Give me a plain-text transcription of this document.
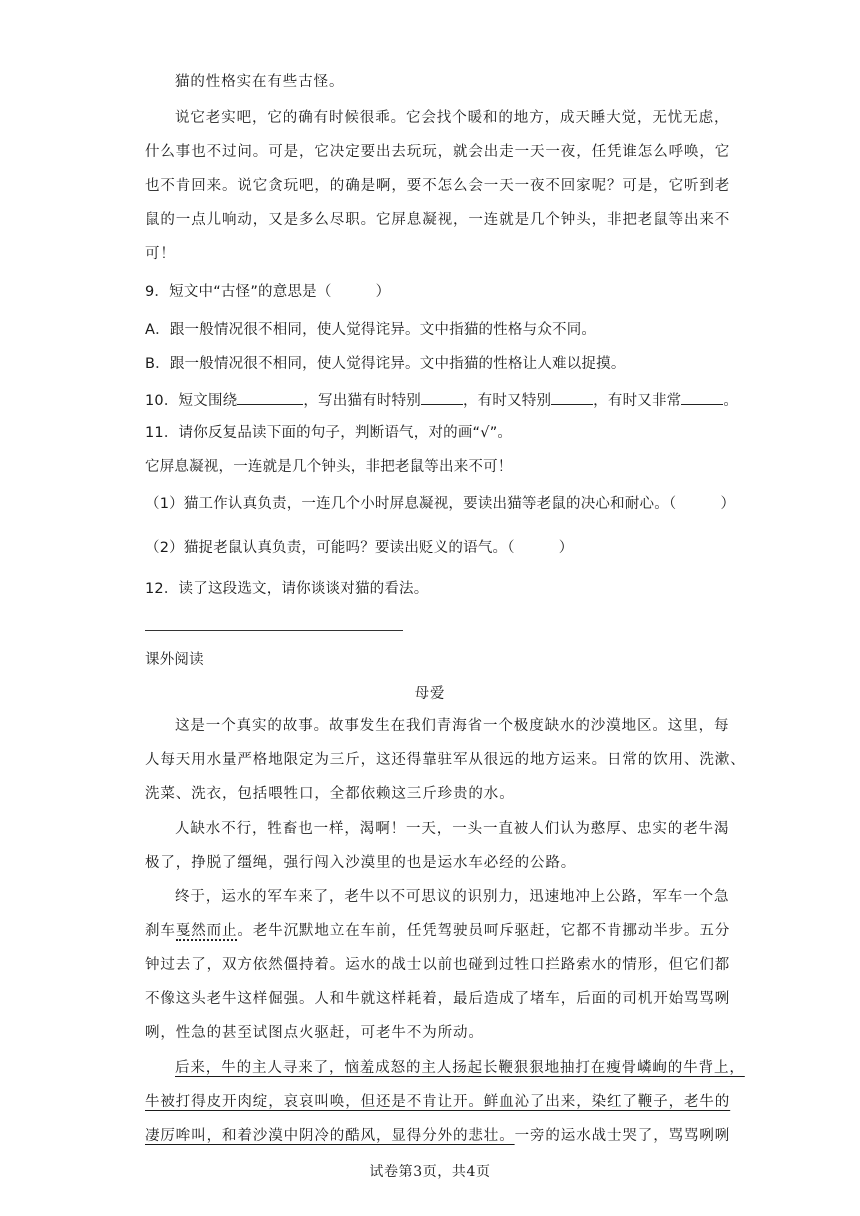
猫的性格实在有些古怪。
说它老实吧，它的确有时候很乖。它会找个暖和的地方，成天睡大觉，无忧无虑，
什么事也不过问。可是，它决定要出去玩玩，就会出走一天一夜，任凭谁怎么呼唤，它
也不肯回来。说它贪玩吧，的确是啊，要不怎么会一天一夜不回家呢？可是，它听到老
鼠的一点儿响动，又是多么尽职。它屏息凝视，一连就是几个钟头，非把老鼠等出来不
可！
9．短文中“古怪”的意思是（　　　）
A．跟一般情况很不相同，使人觉得诧异。文中指猫的性格与众不同。
B．跟一般情况很不相同，使人觉得诧异。文中指猫的性格让人难以捉摸。
10．短文围绕	，写出猫有时特别	，有时又特别	，有时又非常	。
11．请你反复品读下面的句子，判断语气，对的画“√”。
它屏息凝视，一连就是几个钟头，非把老鼠等出来不可！
（1）猫工作认真负责，一连几个小时屏息凝视，要读出猫等老鼠的决心和耐心。（　　　）
（2）猫捉老鼠认真负责，可能吗？要读出贬义的语气。（　　　）
12．读了这段选文，请你谈谈对猫的看法。
课外阅读
母爱
这是一个真实的故事。故事发生在我们青海省一个极度缺水的沙漠地区。这里，每
人每天用水量严格地限定为三斤，这还得靠驻军从很远的地方运来。日常的饮用、洗漱、
洗菜、洗衣，包括喂牲口，全都依赖这三斤珍贵的水。
人缺水不行，牲畜也一样，渴啊！一天，一头一直被人们认为憨厚、忠实的老牛渴
极了，挣脱了缰绳，强行闯入沙漠里的也是运水车必经的公路。
终于，运水的军车来了，老牛以不可思议的识别力，迅速地冲上公路，军车一个急
刹车戛然而止。老牛沉默地立在车前，任凭驾驶员呵斥驱赶，它都不肯挪动半步。五分
钟过去了，双方依然僵持着。运水的战士以前也碰到过牲口拦路索水的情形，但它们都
不像这头老牛这样倔强。人和牛就这样耗着，最后造成了堵车，后面的司机开始骂骂咧
咧，性急的甚至试图点火驱赶，可老牛不为所动。
后来，牛的主人寻来了，恼羞成怒的主人扬起长鞭狠狠地抽打在瘦骨嶙峋的牛背上，
牛被打得皮开肉绽，哀哀叫唤，但还是不肯让开。鲜血沁了出来，染红了鞭子，老牛的
凄厉哞叫，和着沙漠中阴冷的酷风，显得分外的悲壮。一旁的运水战士哭了，骂骂咧咧
试卷第3页，共4页
